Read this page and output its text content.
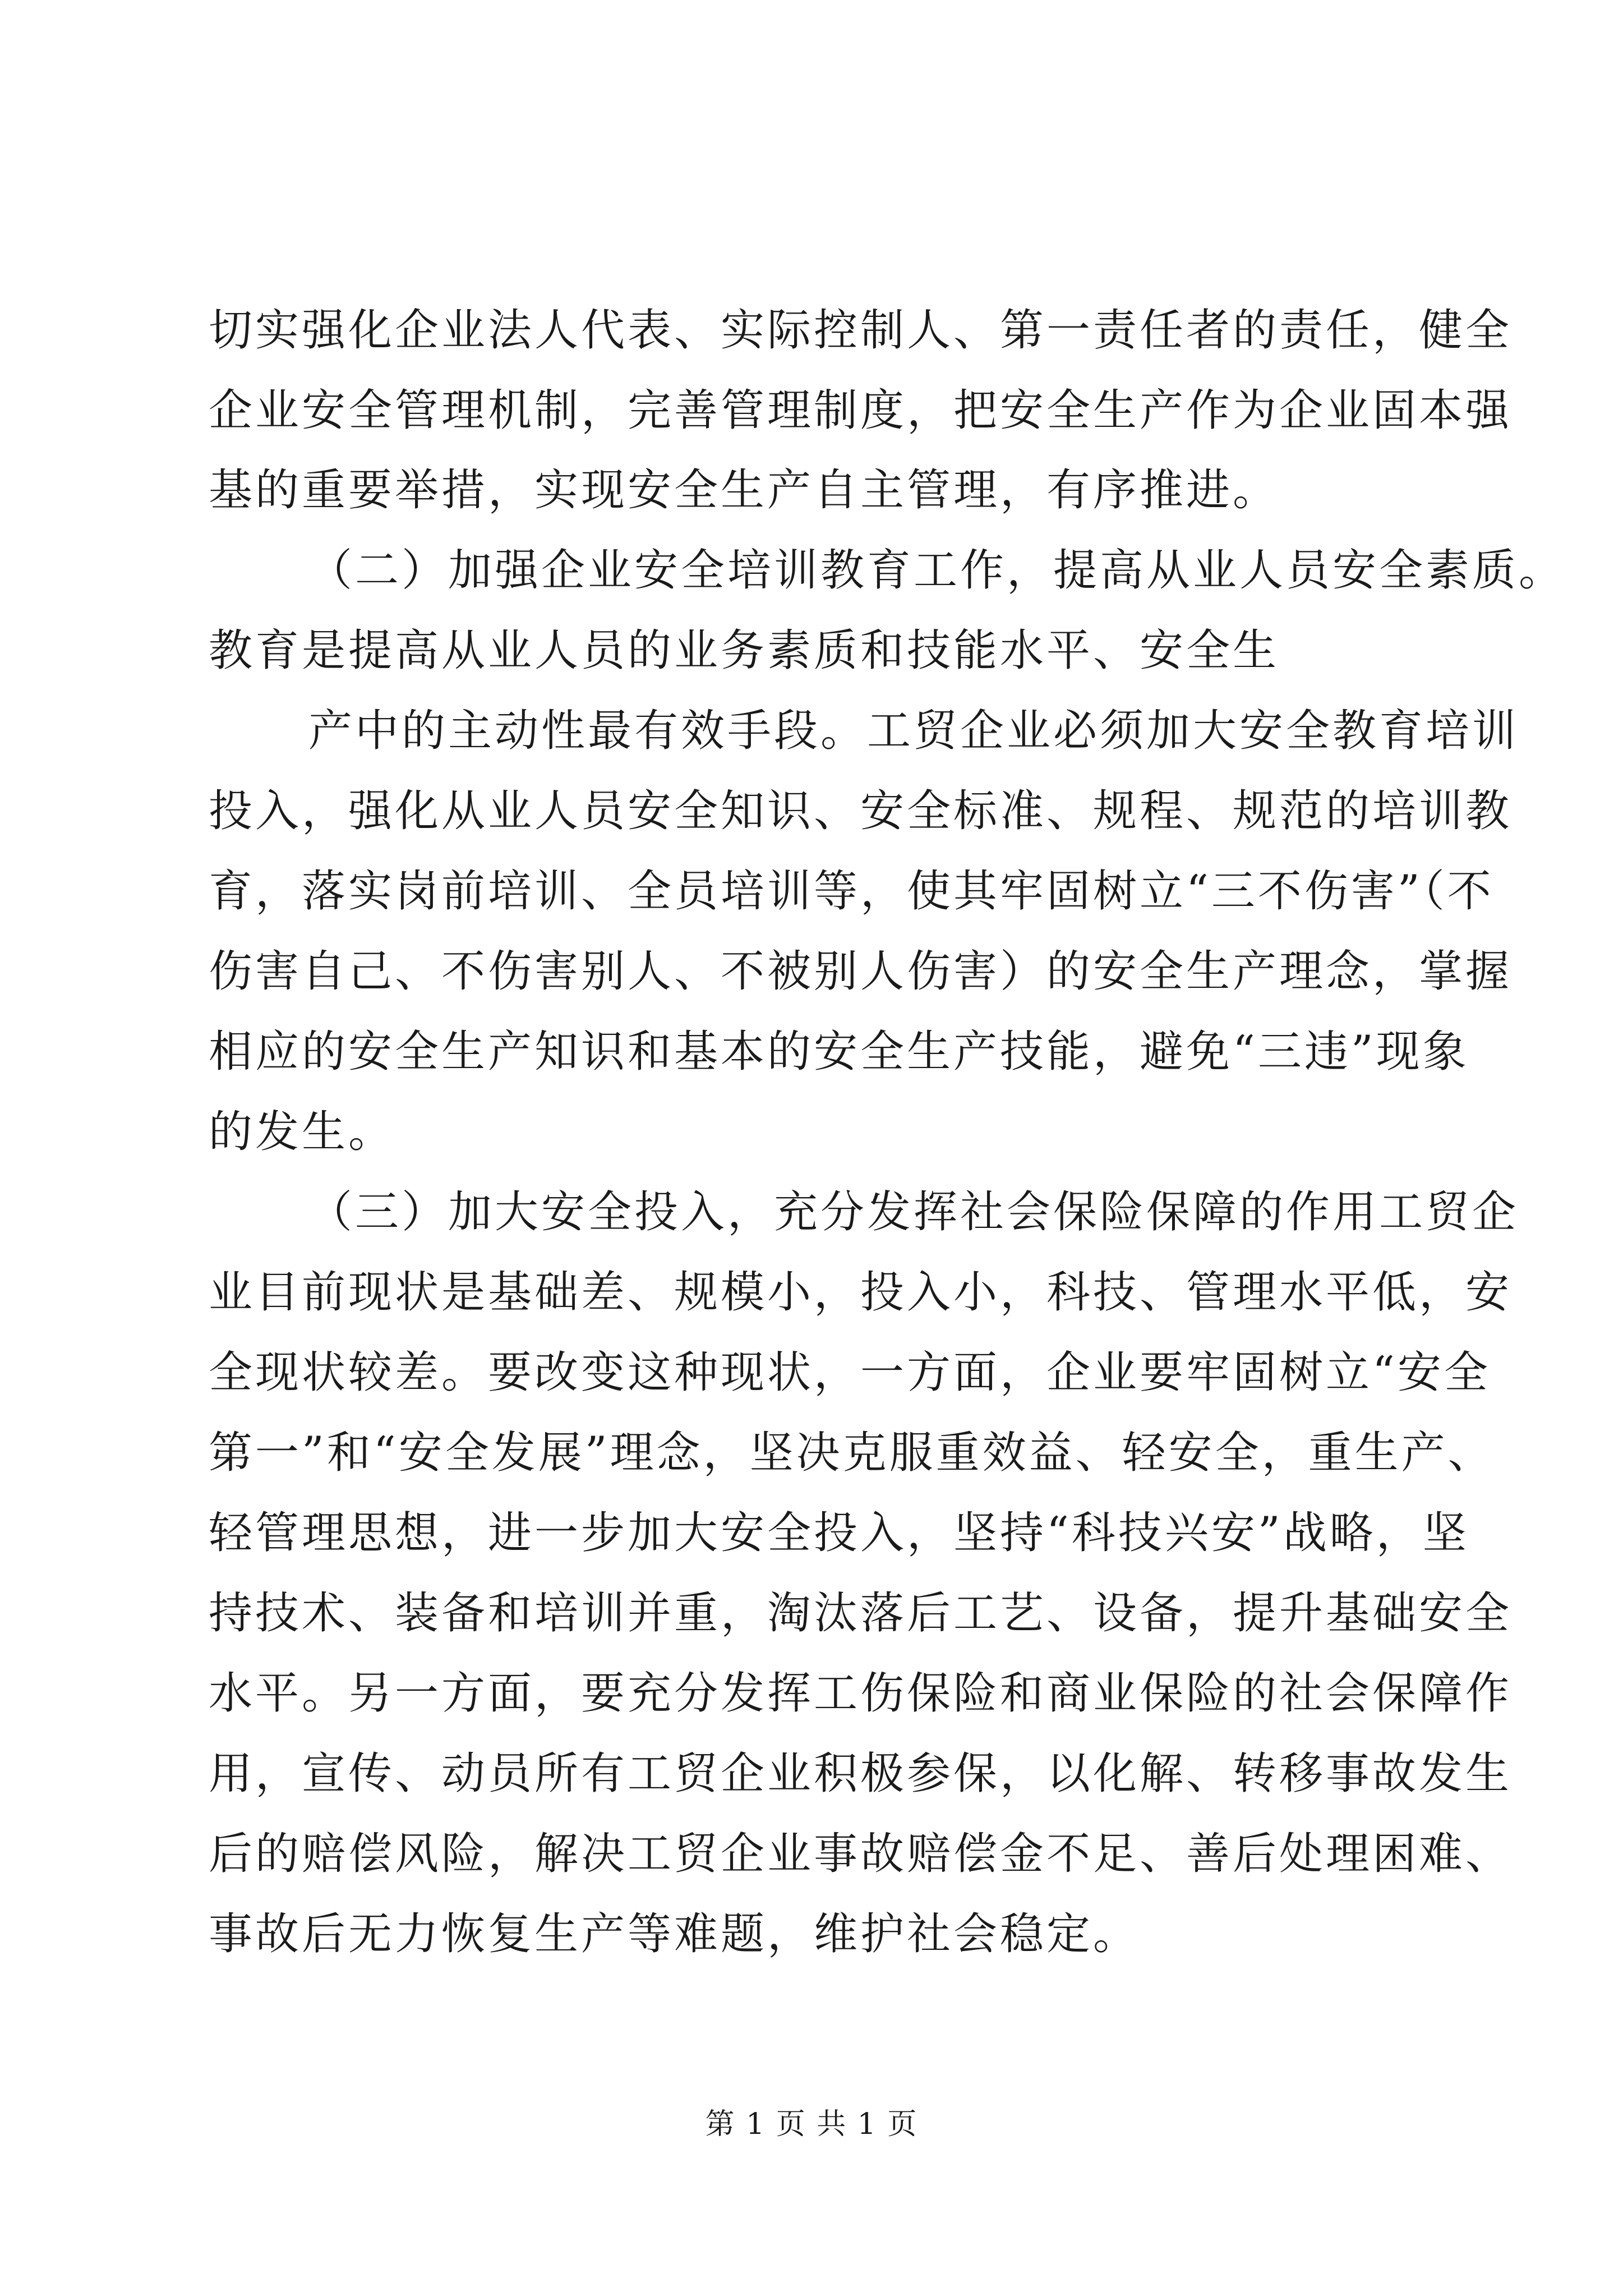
切实强化企业法人代表、实际控制人、第一责任者的责任，健全

企业安全管理机制，完善管理制度，把安全生产作为企业固本强

基的重要举措，实现安全生产自主管理，有序推进。

（二）加强企业安全培训教育工作，提高从业人员安全素质。

教育是提高从业人员的业务素质和技能水平、安全生

产中的主动性最有效手段。工贸企业必须加大安全教育培训

投入，强化从业人员安全知识、安全标准、规程、规范的培训教

育，落实岗前培训、全员培训等，使其牢固树立“三不伤害”（不

伤害自己、不伤害别人、不被别人伤害）的安全生产理念，掌握

相应的安全生产知识和基本的安全生产技能，避免“三违”现象

的发生。

（三）加大安全投入，充分发挥社会保险保障的作用工贸企

业目前现状是基础差、规模小，投入小，科技、管理水平低，安

全现状较差。要改变这种现状，一方面，企业要牢固树立“安全

第一”和“安全发展”理念，坚决克服重效益、轻安全，重生产、

轻管理思想，进一步加大安全投入，坚持“科技兴安”战略，坚

持技术、装备和培训并重，淘汰落后工艺、设备，提升基础安全

水平。另一方面，要充分发挥工伤保险和商业保险的社会保障作

用，宣传、动员所有工贸企业积极参保，以化解、转移事故发生

后的赔偿风险，解决工贸企业事故赔偿金不足、善后处理困难、

事故后无力恢复生产等难题，维护社会稳定。

第 1 页 共 1 页
